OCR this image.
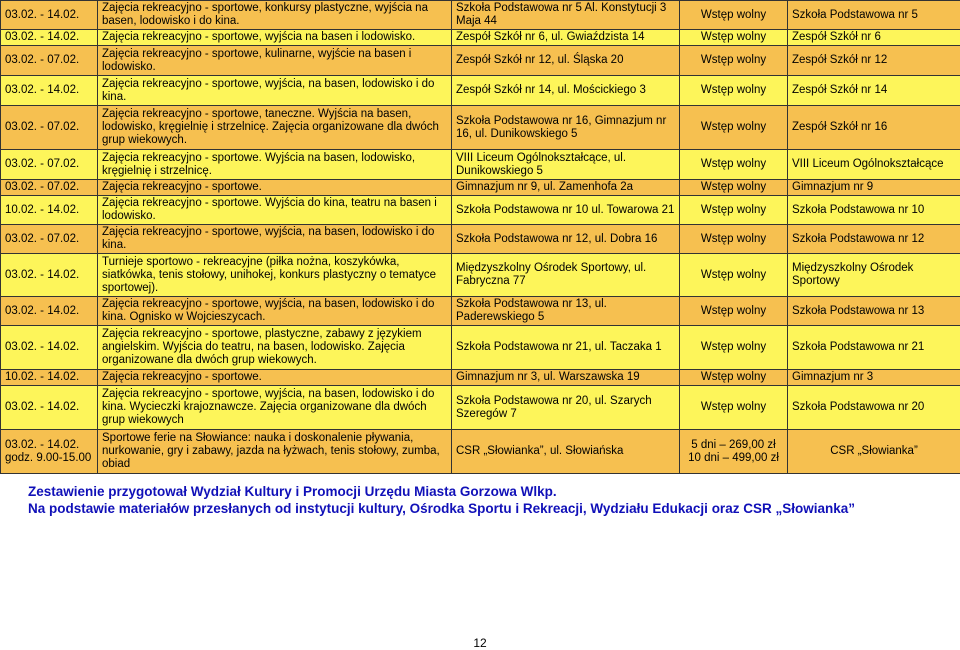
03.02. - 14.02.	Zajęcia rekreacyjno - sportowe, konkursy plastyczne, wyjścia na basen, lodowisko i do kina.	Szkoła Podstawowa nr 5 Al. Konstytucji 3 Maja 44	Wstęp wolny	Szkoła Podstawowa nr 5
03.02. - 14.02.	Zajęcia rekreacyjno - sportowe, wyjścia na basen i lodowisko.	Zespół Szkół nr 6, ul. Gwiaździsta 14	Wstęp wolny	Zespół Szkół nr 6
03.02. - 07.02.	Zajęcia rekreacyjno - sportowe, kulinarne, wyjście na basen i lodowisko.	Zespół Szkół nr 12, ul. Śląska 20	Wstęp wolny	Zespół Szkół nr 12
03.02. - 14.02.	Zajęcia rekreacyjno - sportowe, wyjścia, na basen, lodowisko i do kina.	Zespół Szkół nr 14, ul. Mościckiego 3	Wstęp wolny	Zespół Szkół nr 14
03.02. - 07.02.	Zajęcia rekreacyjno - sportowe, taneczne. Wyjścia na basen, lodowisko, kręgielnię i strzelnicę. Zajęcia organizowane dla dwóch grup wiekowych.	Szkoła Podstawowa nr 16, Gimnazjum nr 16, ul. Dunikowskiego 5	Wstęp wolny	Zespół Szkół nr 16
03.02. - 07.02.	Zajęcia rekreacyjno - sportowe. Wyjścia na basen, lodowisko, kręgielnię i strzelnicę.	VIII Liceum Ogólnokształcące, ul. Dunikowskiego 5	Wstęp wolny	VIII Liceum Ogólnokształcące
03.02. - 07.02.	Zajęcia rekreacyjno - sportowe.	Gimnazjum nr 9, ul. Zamenhofa 2a	Wstęp wolny	Gimnazjum nr 9
10.02. - 14.02.	Zajęcia rekreacyjno - sportowe. Wyjścia do kina, teatru na basen i lodowisko.	Szkoła Podstawowa nr 10 ul. Towarowa 21	Wstęp wolny	Szkoła Podstawowa nr 10
03.02. - 07.02.	Zajęcia rekreacyjno - sportowe, wyjścia, na basen, lodowisko i do kina.	Szkoła Podstawowa nr 12, ul. Dobra 16	Wstęp wolny	Szkoła Podstawowa nr 12
03.02. - 14.02.	Turnieje sportowo - rekreacyjne (piłka nożna, koszykówka, siatkówka, tenis stołowy, unihokej, konkurs plastyczny o tematyce sportowej).	Międzyszkolny Ośrodek Sportowy, ul. Fabryczna 77	Wstęp wolny	Międzyszkolny Ośrodek Sportowy
03.02. - 14.02.	Zajęcia rekreacyjno - sportowe, wyjścia, na basen, lodowisko i do kina. Ognisko w Wojcieszycach.	Szkoła Podstawowa nr 13, ul. Paderewskiego 5	Wstęp wolny	Szkoła Podstawowa nr 13
03.02. - 14.02.	Zajęcia rekreacyjno - sportowe, plastyczne, zabawy z językiem angielskim. Wyjścia do teatru, na basen, lodowisko. Zajęcia organizowane dla dwóch grup wiekowych.	Szkoła Podstawowa nr 21, ul. Taczaka 1	Wstęp wolny	Szkoła Podstawowa nr 21
10.02. - 14.02.	Zajęcia rekreacyjno - sportowe.	Gimnazjum nr 3, ul. Warszawska 19	Wstęp wolny	Gimnazjum nr 3
03.02. - 14.02.	Zajęcia rekreacyjno - sportowe, wyjścia, na basen, lodowisko i do kina. Wycieczki krajoznawcze. Zajęcia organizowane dla dwóch grup wiekowych	Szkoła Podstawowa nr 20, ul. Szarych Szeregów 7	Wstęp wolny	Szkoła Podstawowa nr 20
03.02. - 14.02. godz. 9.00-15.00	Sportowe ferie na Słowiance: nauka i doskonalenie pływania, nurkowanie, gry i zabawy, jazda na łyżwach, tenis stołowy, zumba, obiad	CSR „Słowianka”, ul. Słowiańska	5 dni – 269,00 zł 10 dni – 499,00 zł	CSR „Słowianka”
Zestawienie przygotował Wydział Kultury i Promocji Urzędu Miasta Gorzowa Wlkp.
Na podstawie materiałów przesłanych od instytucji kultury, Ośrodka Sportu i Rekreacji, Wydziału Edukacji oraz CSR „Słowianka”
12
